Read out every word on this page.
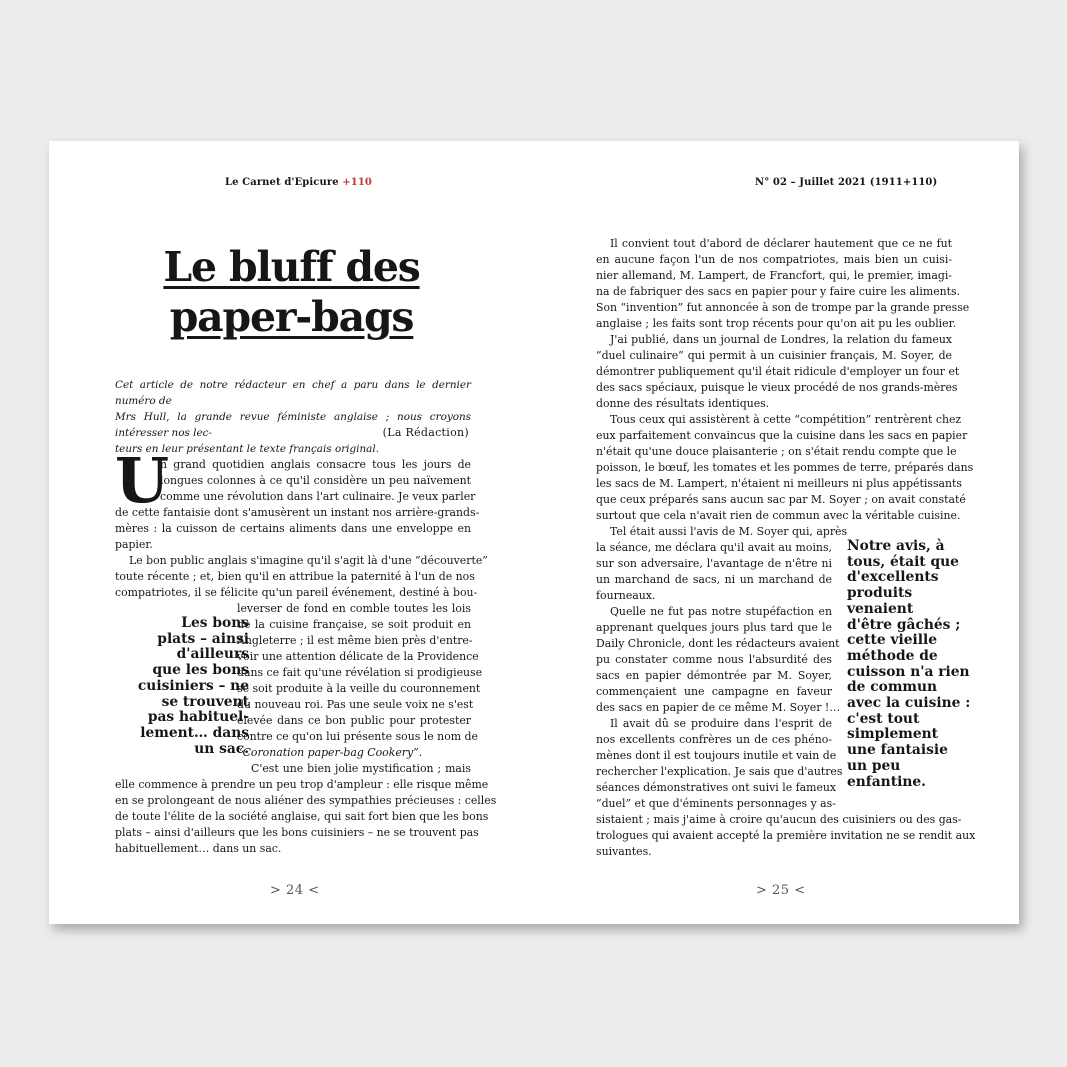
Le Carnet d'Epicure +110
Le bluff des
paper-bags
Cet article de notre rédacteur en chef a paru dans le dernier numéro de
Mrs Hull, la grande revue féministe anglaise ; nous croyons intéresser nos lec-
teurs en leur présentant le texte français original.
(La Rédaction)
U
n grand quotidien anglais consacre tous les jours de
longues colonnes à ce qu'il considère un peu naïvement
comme une révolution dans l'art culinaire. Je veux parler
de cette fantaisie dont s'amusèrent un instant nos arrière-grands-
mères : la cuisson de certains aliments dans une enveloppe en
papier.
Le bon public anglais s'imagine qu'il s'agit là d'une “découverte”
toute récente ; et, bien qu'il en attribue la paternité à l'un de nos
compatriotes, il se félicite qu'un pareil événement, destiné à bou-
Les bons
plats – ainsi
d'ailleurs
que les bons
cuisiniers – ne
se trouvent
pas habituel-
lement… dans
un sac.
leverser de fond en comble toutes les lois
de la cuisine française, se soit produit en
Angleterre ; il est même bien près d'entre-
voir une attention délicate de la Providence
dans ce fait qu'une révélation si prodigieuse
se soit produite à la veille du couronnement
du nouveau roi. Pas une seule voix ne s'est
élevée dans ce bon public pour protester
contre ce qu'on lui présente sous le nom de
“Coronation paper-bag Cookery”.
C'est une bien jolie mystification ; mais
elle commence à prendre un peu trop d'ampleur : elle risque même
en se prolongeant de nous aliéner des sympathies précieuses : celles
de toute l'élite de la société anglaise, qui sait fort bien que les bons
plats – ainsi d'ailleurs que les bons cuisiniers – ne se trouvent pas
habituellement… dans un sac.
> 24 <
N° 02 – Juillet 2021 (1911+110)
Il convient tout d'abord de déclarer hautement que ce ne fut
en aucune façon l'un de nos compatriotes, mais bien un cuisi-
nier allemand, M. Lampert, de Francfort, qui, le premier, imagi-
na de fabriquer des sacs en papier pour y faire cuire les aliments.
Son “invention” fut annoncée à son de trompe par la grande presse
anglaise ; les faits sont trop récents pour qu'on ait pu les oublier.
J'ai publié, dans un journal de Londres, la relation du fameux
“duel culinaire” qui permit à un cuisinier français, M. Soyer, de
démontrer publiquement qu'il était ridicule d'employer un four et
des sacs spéciaux, puisque le vieux procédé de nos grands-mères
donne des résultats identiques.
Tous ceux qui assistèrent à cette “compétition” rentrèrent chez
eux parfaitement convaincus que la cuisine dans les sacs en papier
n'était qu'une douce plaisanterie ; on s'était rendu compte que le
poisson, le bœuf, les tomates et les pommes de terre, préparés dans
les sacs de M. Lampert, n'étaient ni meilleurs ni plus appétissants
que ceux préparés sans aucun sac par M. Soyer ; on avait constaté
surtout que cela n'avait rien de commun avec la véritable cuisine.
Tel était aussi l'avis de M. Soyer qui, après
la séance, me déclara qu'il avait au moins,
sur son adversaire, l'avantage de n'être ni
un marchand de sacs, ni un marchand de
fourneaux.
Quelle ne fut pas notre stupéfaction en
apprenant quelques jours plus tard que le
Daily Chronicle, dont les rédacteurs avaient
pu constater comme nous l'absurdité des
sacs en papier démontrée par M. Soyer,
commençaient une campagne en faveur
des sacs en papier de ce même M. Soyer !…
Il avait dû se produire dans l'esprit de
nos excellents confrères un de ces phéno-
mènes dont il est toujours inutile et vain de
rechercher l'explication. Je sais que d'autres
séances démonstratives ont suivi le fameux
“duel” et que d'éminents personnages y as-
Notre avis, à
tous, était que
d'excellents
produits
venaient
d'être gâchés ;
cette vieille
méthode de
cuisson n'a rien
de commun
avec la cuisine :
c'est tout
simplement
une fantaisie
un peu
enfantine.
sistaient ; mais j'aime à croire qu'aucun des cuisiniers ou des gas-
trologues qui avaient accepté la première invitation ne se rendit aux
suivantes.
> 25 <
